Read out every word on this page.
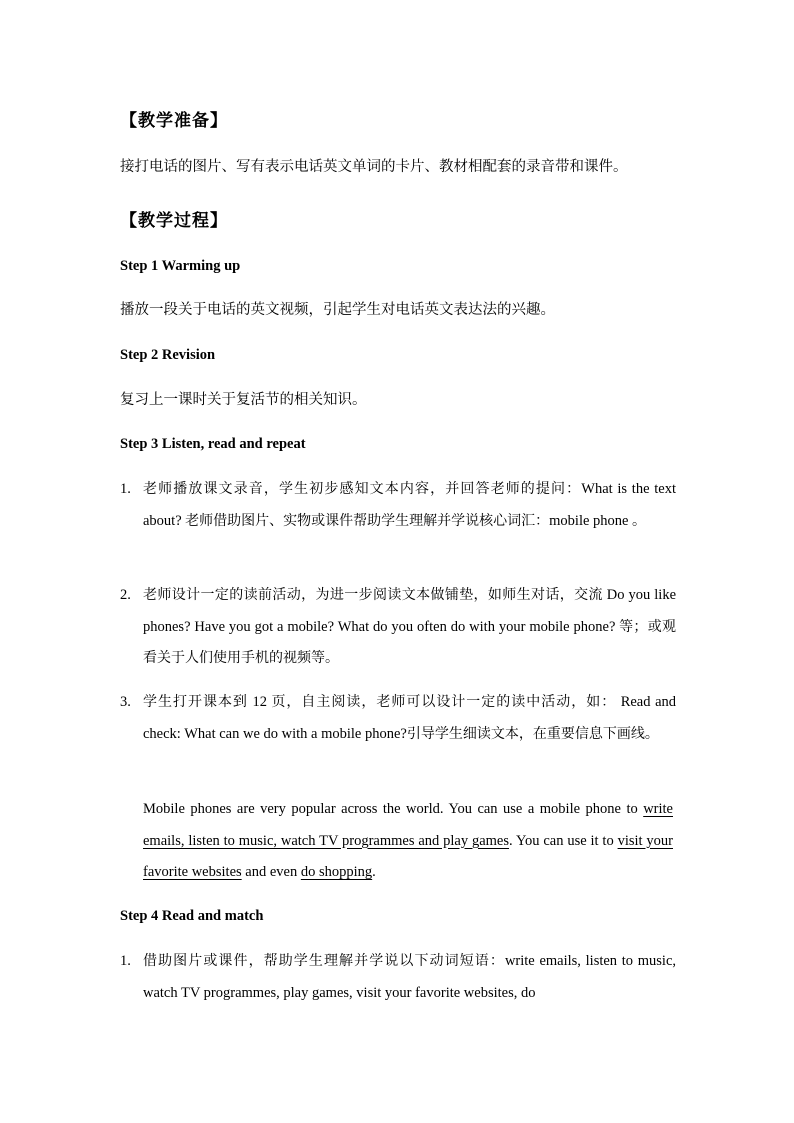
【教学准备】
接打电话的图片、写有表示电话英文单词的卡片、教材相配套的录音带和课件。
【教学过程】
Step 1 Warming up
播放一段关于电话的英文视频，引起学生对电话英文表达法的兴趣。
Step 2 Revision
复习上一课时关于复活节的相关知识。
Step 3 Listen, read and repeat
1. 老师播放课文录音，学生初步感知文本内容，并回答老师的提问：What is the text about? 老师借助图片、实物或课件帮助学生理解并学说核心词汇：mobile phone 。
2. 老师设计一定的读前活动，为进一步阅读文本做铺垫，如师生对话，交流 Do you like phones? Have you got a mobile? What do you often do with your mobile phone? 等；或观看关于人们使用手机的视频等。
3. 学生打开课本到 12 页，自主阅读，老师可以设计一定的读中活动，如： Read and check: What can we do with a mobile phone?引导学生细读文本，在重要信息下画线。
Mobile phones are very popular across the world. You can use a mobile phone to write emails, listen to music, watch TV programmes and play games. You can use it to visit your favorite websites and even do shopping.
Step 4 Read and match
1. 借助图片或课件，帮助学生理解并学说以下动词短语：write emails, listen to music, watch TV programmes, play games, visit your favorite websites, do
